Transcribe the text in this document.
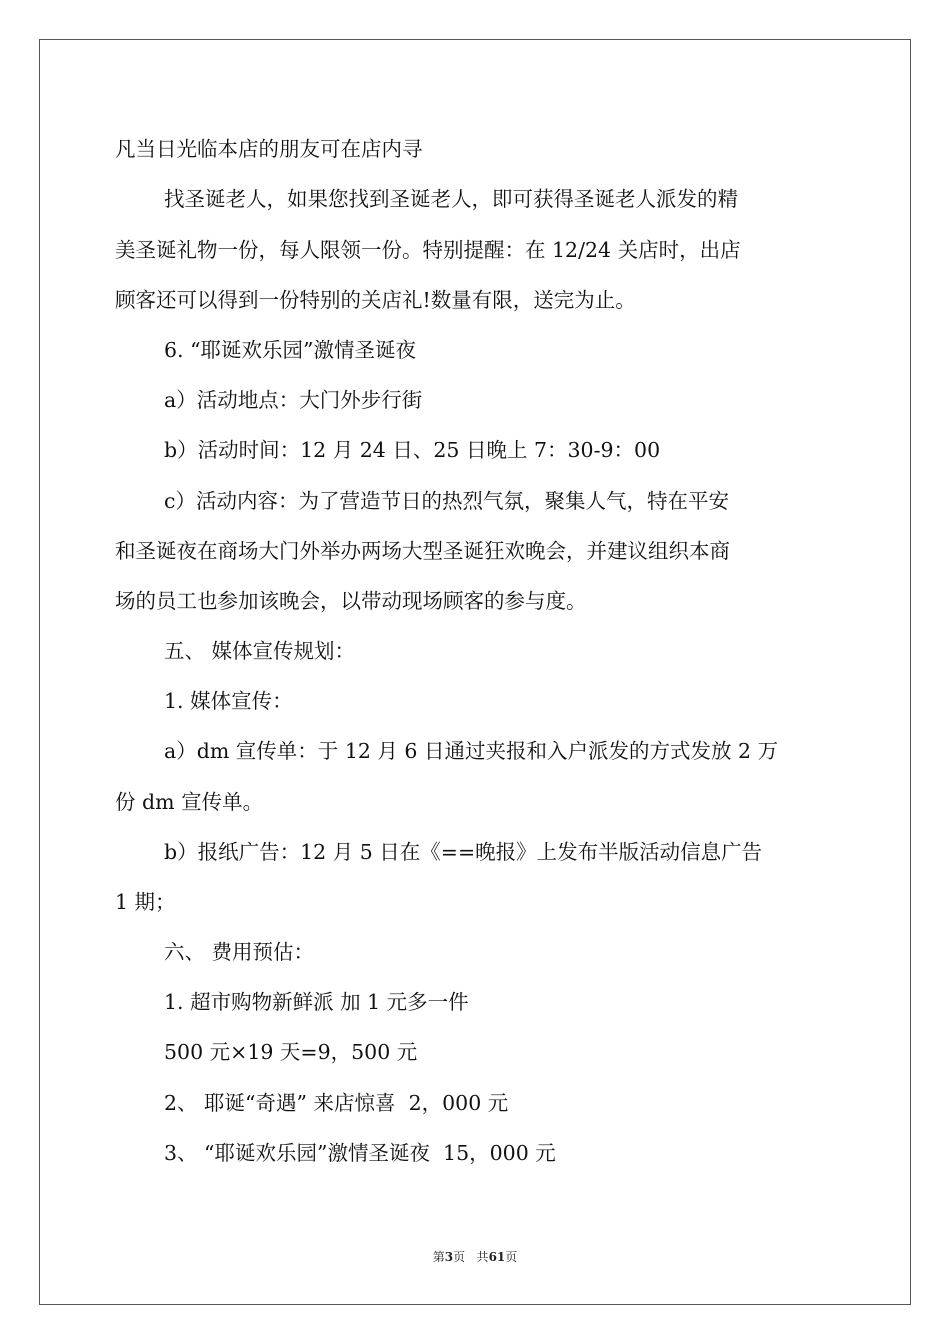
凡当日光临本店的朋友可在店内寻
找圣诞老人，如果您找到圣诞老人，即可获得圣诞老人派发的精
美圣诞礼物一份，每人限领一份。特别提醒：在 12/24 关店时，出店
顾客还可以得到一份特别的关店礼!数量有限，送完为止。
6. “耶诞欢乐园”激情圣诞夜
a）活动地点：大门外步行街
b）活动时间：12 月 24 日、25 日晚上 7：30-9：00
c）活动内容：为了营造节日的热烈气氛，聚集人气，特在平安
和圣诞夜在商场大门外举办两场大型圣诞狂欢晚会，并建议组织本商
场的员工也参加该晚会，以带动现场顾客的参与度。
五、 媒体宣传规划：
1. 媒体宣传：
a）dm 宣传单：于 12 月 6 日通过夹报和入户派发的方式发放 2 万
份 dm 宣传单。
b）报纸广告：12 月 5 日在《==晚报》上发布半版活动信息广告
1 期；
六、 费用预估：
1. 超市购物新鲜派 加 1 元多一件
500 元×19 天=9，500 元
2、 耶诞“奇遇” 来店惊喜  2，000 元
3、 “耶诞欢乐园”激情圣诞夜  15，000 元
第3页 共61页
